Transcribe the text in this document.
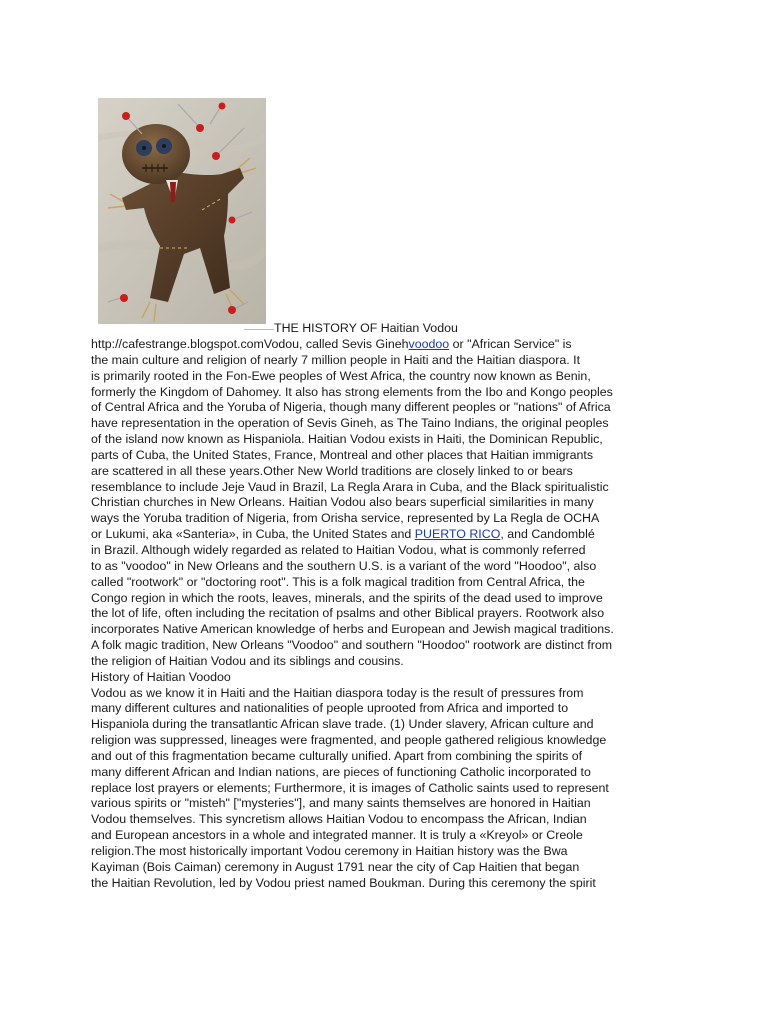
THE HISTORY OF Haitian Vodou
http://cafestrange.blogspot.comVodou, called Sevis Ginehvoodoo or "African Service" is
the main culture and religion of nearly 7 million people in Haiti and the Haitian diaspora. It
is primarily rooted in the Fon-Ewe peoples of West Africa, the country now known as Benin,
formerly the Kingdom of Dahomey. It also has strong elements from the Ibo and Kongo peoples
of Central Africa and the Yoruba of Nigeria, though many different peoples or "nations" of Africa
have representation in the operation of Sevis Gineh, as The Taino Indians, the original peoples
of the island now known as Hispaniola. Haitian Vodou exists in Haiti, the Dominican Republic,
parts of Cuba, the United States, France, Montreal and other places that Haitian immigrants
are scattered in all these years.Other New World traditions are closely linked to or bears
resemblance to include Jeje Vaud in Brazil, La Regla Arara in Cuba, and the Black spiritualistic
Christian churches in New Orleans. Haitian Vodou also bears superficial similarities in many
ways the Yoruba tradition of Nigeria, from Orisha service, represented by La Regla de OCHA
or Lukumi, aka «Santeria», in Cuba, the United States and PUERTO RICO, and Candomblé
in Brazil. Although widely regarded as related to Haitian Vodou, what is commonly referred
to as "voodoo" in New Orleans and the southern U.S. is a variant of the word "Hoodoo", also
called "rootwork" or "doctoring root". This is a folk magical tradition from Central Africa, the
Congo region in which the roots, leaves, minerals, and the spirits of the dead used to improve
the lot of life, often including the recitation of psalms and other Biblical prayers. Rootwork also
incorporates Native American knowledge of herbs and European and Jewish magical traditions.
A folk magic tradition, New Orleans "Voodoo" and southern "Hoodoo" rootwork are distinct from
the religion of Haitian Vodou and its siblings and cousins.
History of Haitian Voodoo
Vodou as we know it in Haiti and the Haitian diaspora today is the result of pressures from
many different cultures and nationalities of people uprooted from Africa and imported to
Hispaniola during the transatlantic African slave trade. (1) Under slavery, African culture and
religion was suppressed, lineages were fragmented, and people gathered religious knowledge
and out of this fragmentation became culturally unified. Apart from combining the spirits of
many different African and Indian nations, are pieces of functioning Catholic incorporated to
replace lost prayers or elements; Furthermore, it is images of Catholic saints used to represent
various spirits or "misteh" ["mysteries"], and many saints themselves are honored in Haitian
Vodou themselves. This syncretism allows Haitian Vodou to encompass the African, Indian
and European ancestors in a whole and integrated manner. It is truly a «Kreyol» or Creole
religion.The most historically important Vodou ceremony in Haitian history was the Bwa
Kayiman (Bois Caiman) ceremony in August 1791 near the city of Cap Haitien that began
the Haitian Revolution, led by Vodou priest named Boukman. During this ceremony the spirit
